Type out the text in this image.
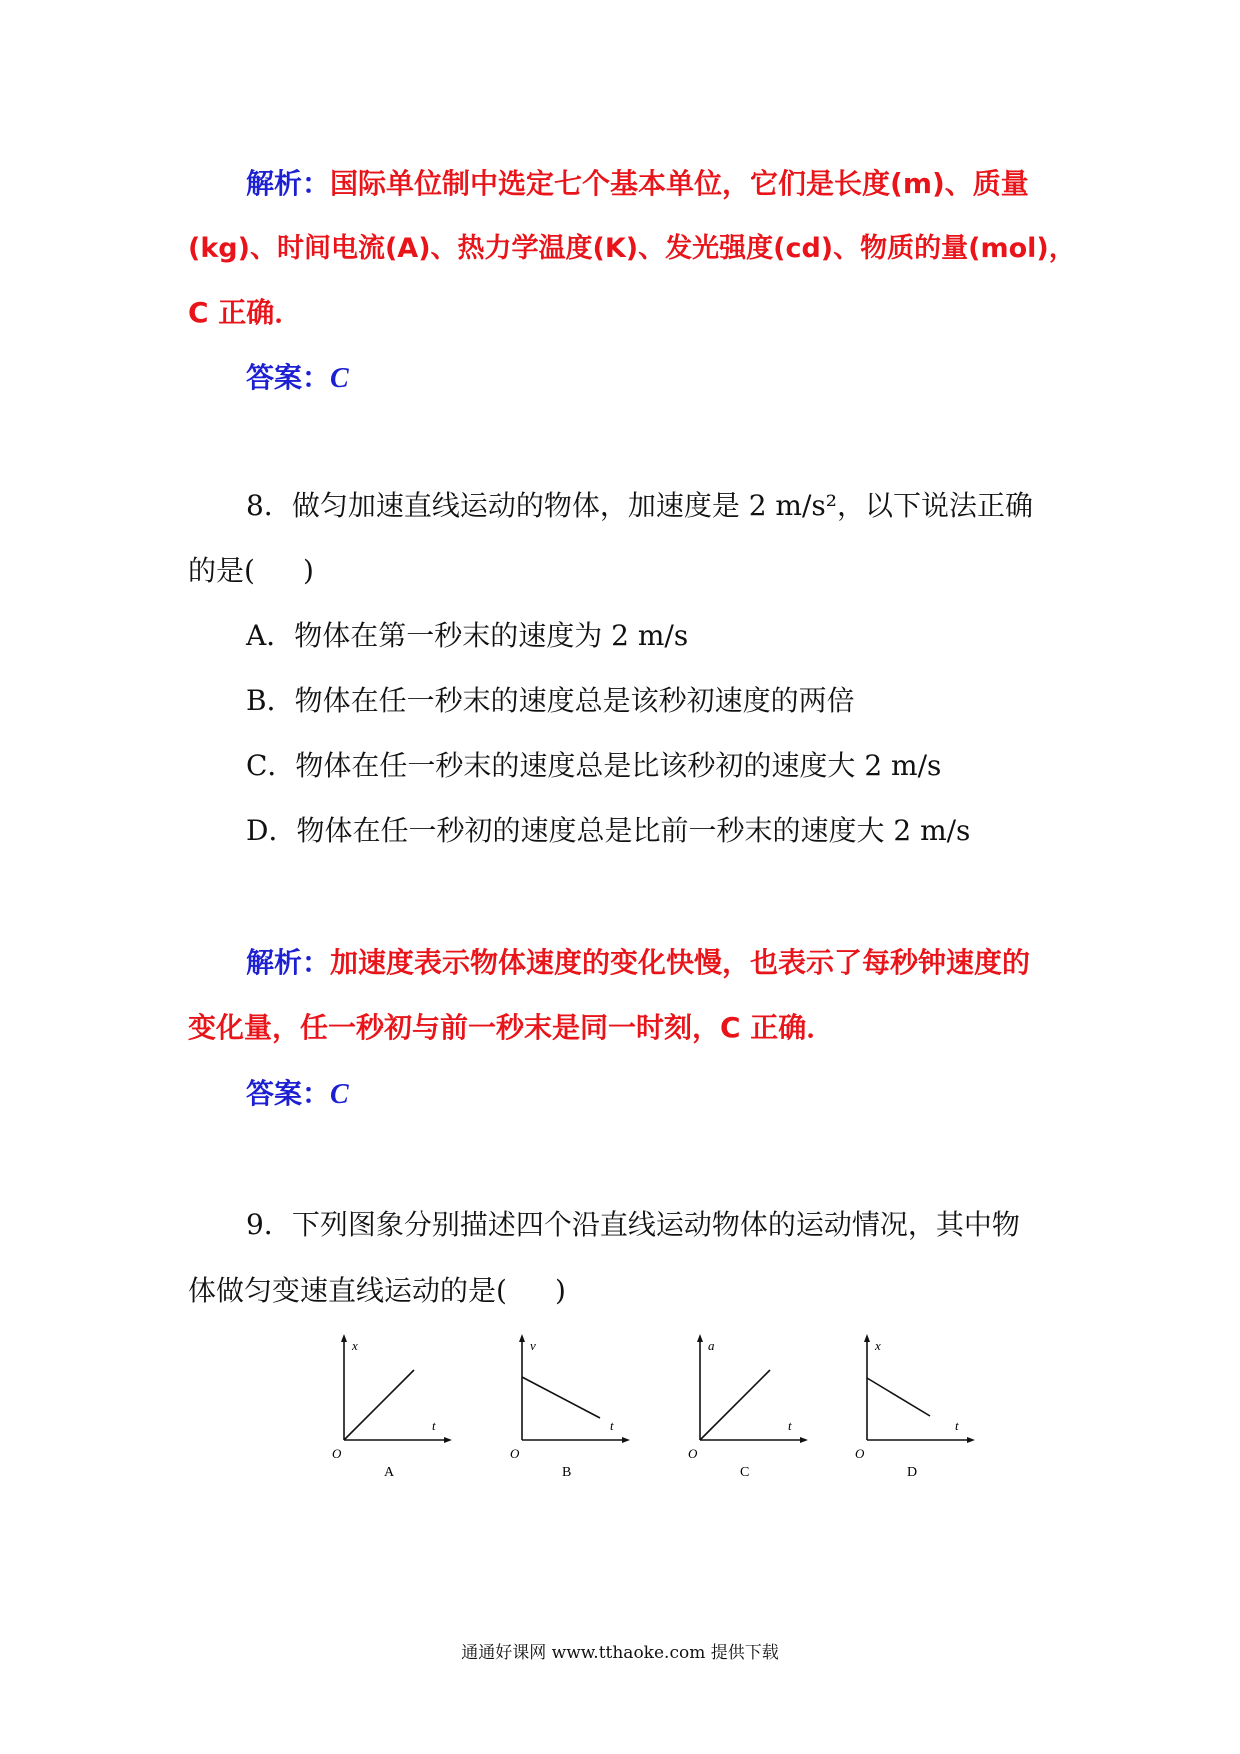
解析：国际单位制中选定七个基本单位，它们是长度(m)、质量
(kg)、时间电流(A)、热力学温度(K)、发光强度(cd)、物质的量(mol)，
C 正确．
答案：C
8．做匀加速直线运动的物体，加速度是 2 m/s²，以下说法正确
的是( )
A．物体在第一秒末的速度为 2 m/s
B．物体在任一秒末的速度总是该秒初速度的两倍
C．物体在任一秒末的速度总是比该秒初的速度大 2 m/s
D．物体在任一秒初的速度总是比前一秒末的速度大 2 m/s
解析：加速度表示物体速度的变化快慢，也表示了每秒钟速度的
变化量，任一秒初与前一秒末是同一时刻，C 正确．
答案：C
9．下列图象分别描述四个沿直线运动物体的运动情况，其中物
体做匀变速直线运动的是( )
x
t
O
A
v
t
O
B
a
t
O
C
x
t
O
D
通通好课网 www.tthaoke.com 提供下载
